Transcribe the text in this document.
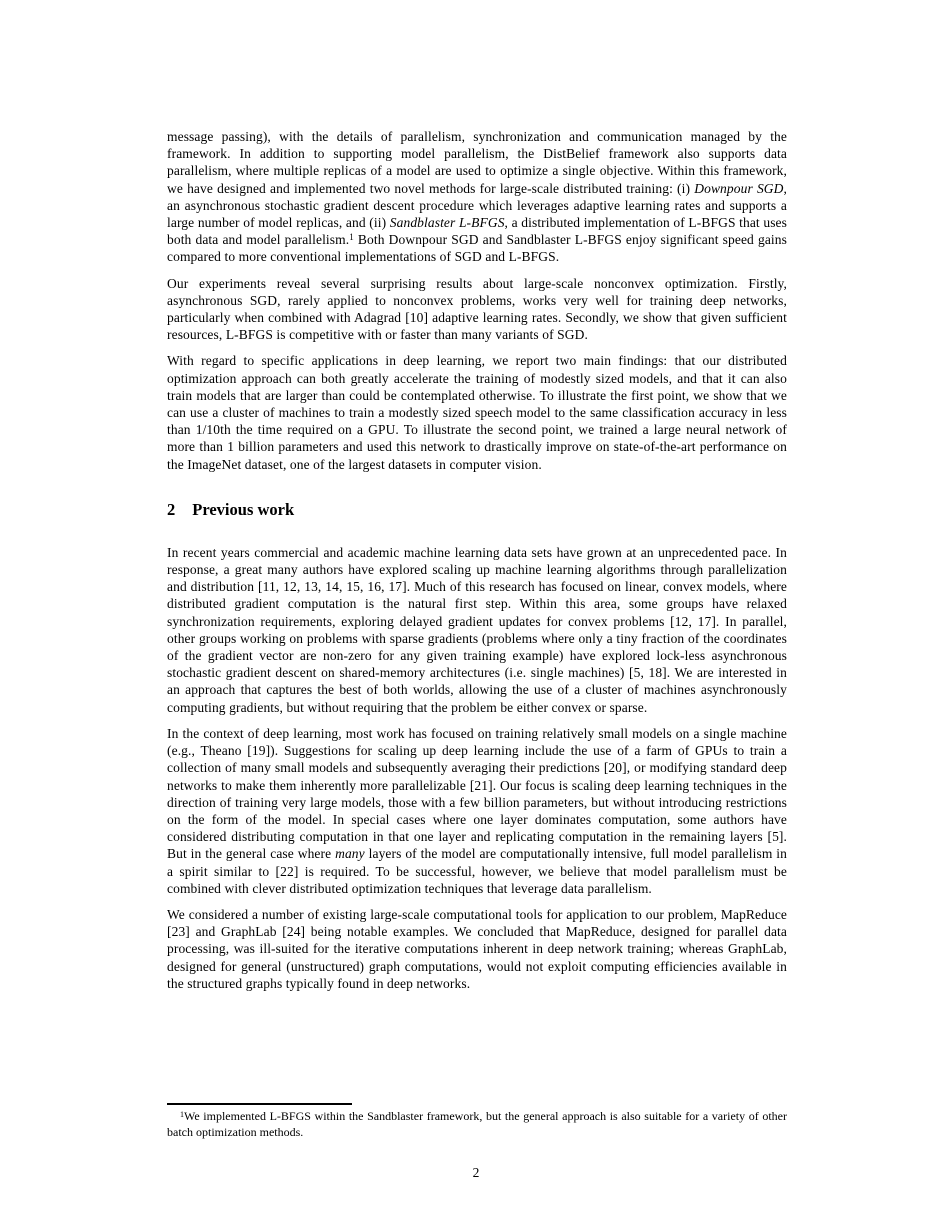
message passing), with the details of parallelism, synchronization and communication managed by the framework. In addition to supporting model parallelism, the DistBelief framework also supports data parallelism, where multiple replicas of a model are used to optimize a single objective. Within this framework, we have designed and implemented two novel methods for large-scale distributed training: (i) Downpour SGD, an asynchronous stochastic gradient descent procedure which leverages adaptive learning rates and supports a large number of model replicas, and (ii) Sandblaster L-BFGS, a distributed implementation of L-BFGS that uses both data and model parallelism.$^1$ Both Downpour SGD and Sandblaster L-BFGS enjoy significant speed gains compared to more conventional implementations of SGD and L-BFGS.

Our experiments reveal several surprising results about large-scale nonconvex optimization. Firstly, asynchronous SGD, rarely applied to nonconvex problems, works very well for training deep networks, particularly when combined with Adagrad [10] adaptive learning rates. Secondly, we show that given sufficient resources, L-BFGS is competitive with or faster than many variants of SGD.

With regard to specific applications in deep learning, we report two main findings: that our distributed optimization approach can both greatly accelerate the training of modestly sized models, and that it can also train models that are larger than could be contemplated otherwise. To illustrate the first point, we show that we can use a cluster of machines to train a modestly sized speech model to the same classification accuracy in less than 1/10th the time required on a GPU. To illustrate the second point, we trained a large neural network of more than 1 billion parameters and used this network to drastically improve on state-of-the-art performance on the ImageNet dataset, one of the largest datasets in computer vision.

2 Previous work

In recent years commercial and academic machine learning data sets have grown at an unprecedented pace. In response, a great many authors have explored scaling up machine learning algorithms through parallelization and distribution [11, 12, 13, 14, 15, 16, 17]. Much of this research has focused on linear, convex models, where distributed gradient computation is the natural first step. Within this area, some groups have relaxed synchronization requirements, exploring delayed gradient updates for convex problems [12, 17]. In parallel, other groups working on problems with sparse gradients (problems where only a tiny fraction of the coordinates of the gradient vector are non-zero for any given training example) have explored lock-less asynchronous stochastic gradient descent on shared-memory architectures (i.e. single machines) [5, 18]. We are interested in an approach that captures the best of both worlds, allowing the use of a cluster of machines asynchronously computing gradients, but without requiring that the problem be either convex or sparse.

In the context of deep learning, most work has focused on training relatively small models on a single machine (e.g., Theano [19]). Suggestions for scaling up deep learning include the use of a farm of GPUs to train a collection of many small models and subsequently averaging their predictions [20], or modifying standard deep networks to make them inherently more parallelizable [21]. Our focus is scaling deep learning techniques in the direction of training very large models, those with a few billion parameters, but without introducing restrictions on the form of the model. In special cases where one layer dominates computation, some authors have considered distributing computation in that one layer and replicating computation in the remaining layers [5]. But in the general case where many layers of the model are computationally intensive, full model parallelism in a spirit similar to [22] is required. To be successful, however, we believe that model parallelism must be combined with clever distributed optimization techniques that leverage data parallelism.

We considered a number of existing large-scale computational tools for application to our problem, MapReduce [23] and GraphLab [24] being notable examples. We concluded that MapReduce, designed for parallel data processing, was ill-suited for the iterative computations inherent in deep network training; whereas GraphLab, designed for general (unstructured) graph computations, would not exploit computing efficiencies available in the structured graphs typically found in deep networks.

$^1$We implemented L-BFGS within the Sandblaster framework, but the general approach is also suitable for a variety of other batch optimization methods.

2
